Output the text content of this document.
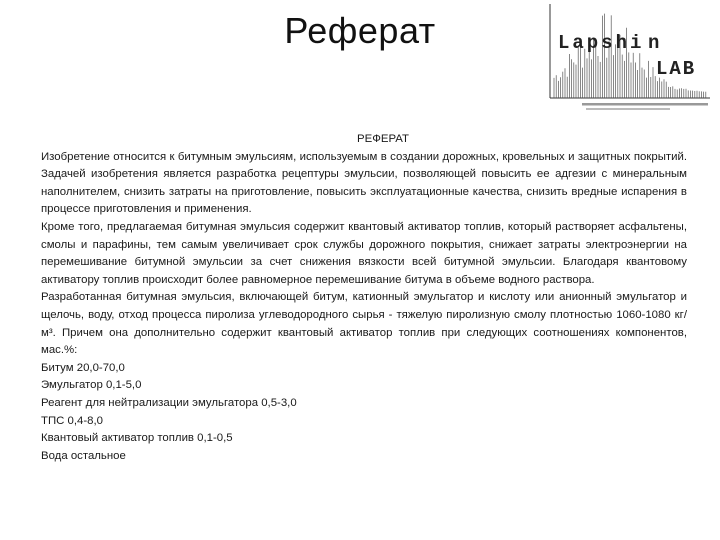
Реферат	Lapshi n
LAB
РЕФЕРАТ

Изобретение относится к битумным эмульсиям, используемым в создании дорожных, кровельных и защитных покрытий. Задачей изобретения является разработка рецептуры эмульсии, позволяющей повысить ее адгезии с минеральным наполнителем, снизить затраты на приготовление, повысить эксплуатационные качества, снизить вредные испарения в процессе приготовления и применения.

Кроме того, предлагаемая битумная эмульсия содержит квантовый активатор топлив, который растворяет асфальтены, смолы и парафины, тем самым увеличивает срок службы дорожного покрытия, снижает затраты электроэнергии на перемешивание битумной эмульсии за счет снижения вязкости всей битумной эмульсии. Благодаря квантовому активатору топлив происходит более равномерное перемешивание битума в объеме водного раствора.

Разработанная битумная эмульсия, включающей битум, катионный эмульгатор и кислоту или анионный эмульгатор и щелочь, воду, отход процесса пиролиза углеводородного сырья - тяжелую пиролизную смолу плотностью 1060-1080 кг/м³. Причем она дополнительно содержит квантовый активатор топлив при следующих соотношениях компонентов, мас.%:

Битум 20,0-70,0

Эмульгатор 0,1-5,0

Реагент для нейтрализации эмульгатора 0,5-3,0

ТПС 0,4-8,0

Квантовый активатор топлив 0,1-0,5

Вода остальное
